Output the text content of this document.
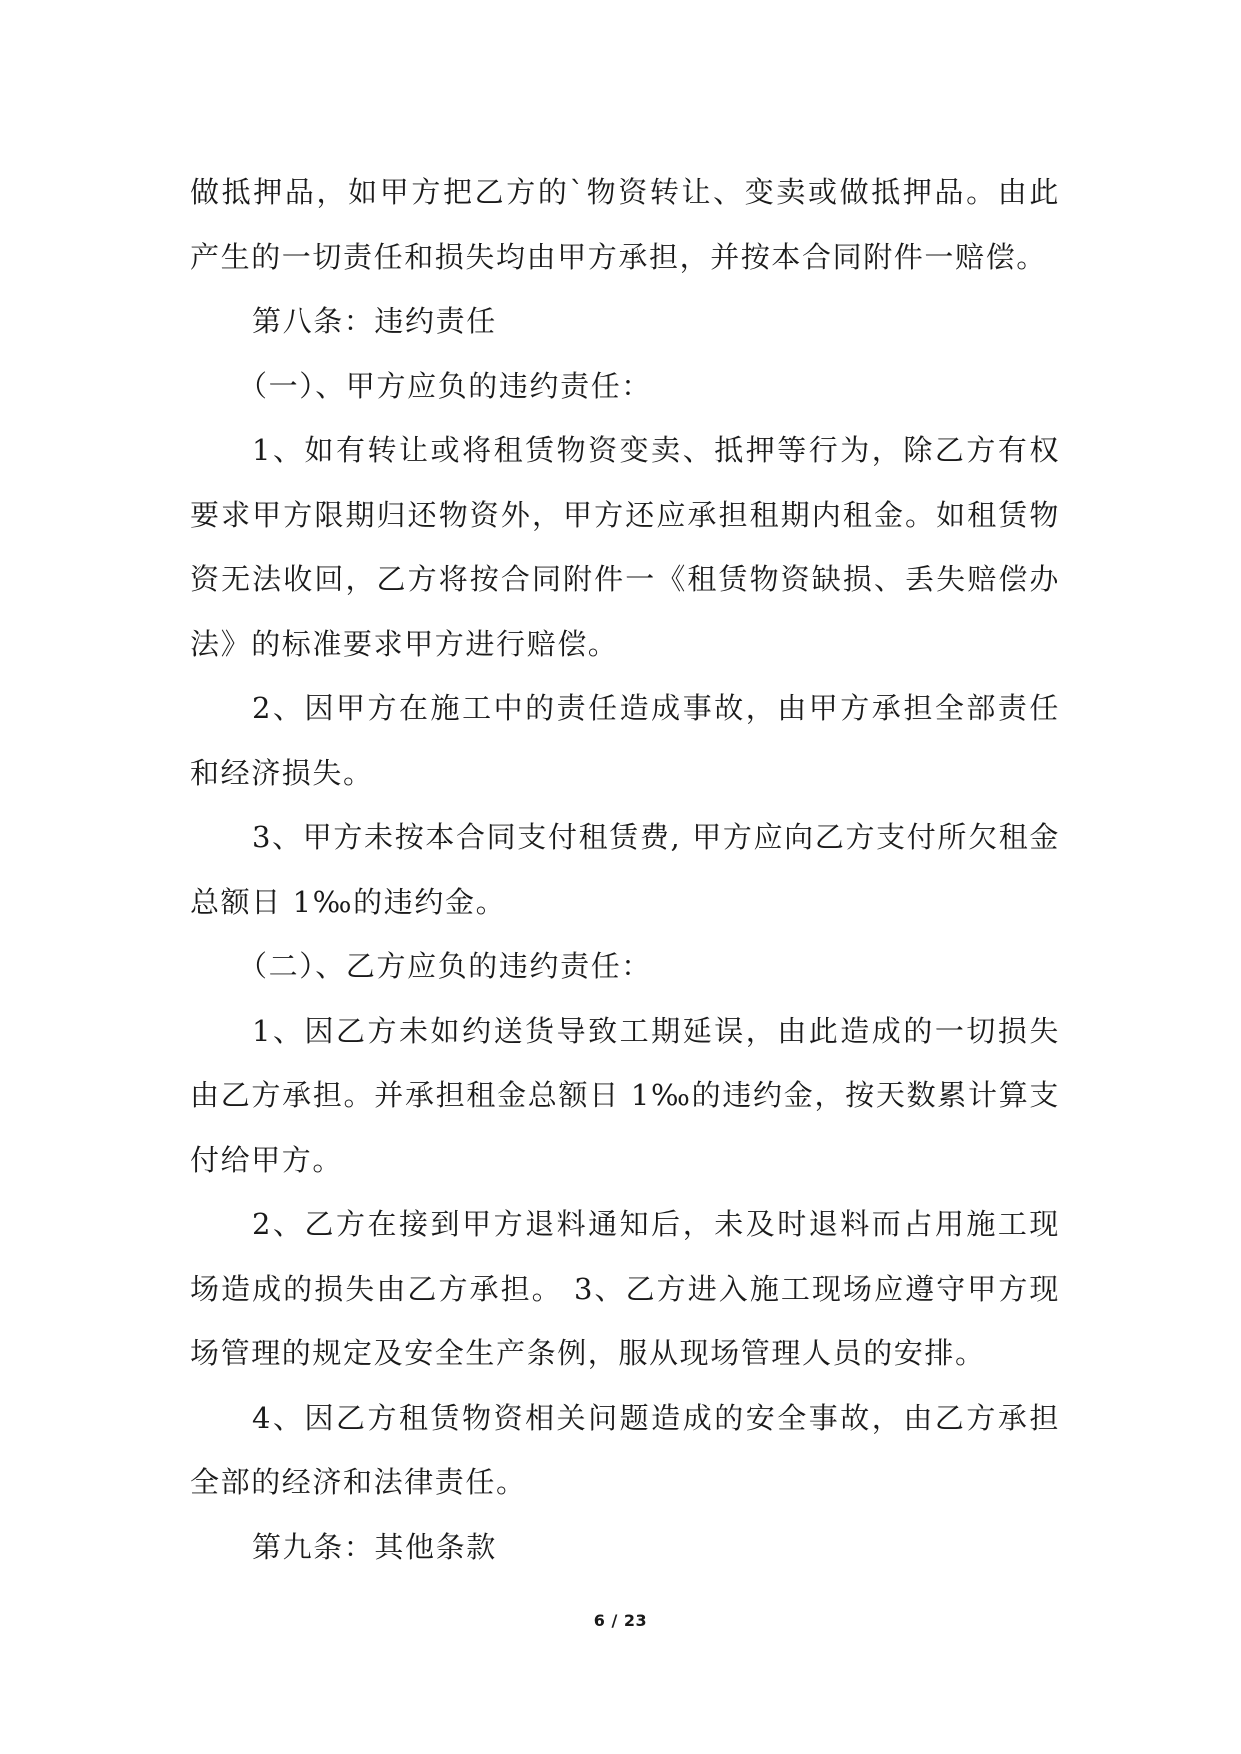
做抵押品，如甲方把乙方的`物资转让、变卖或做抵押品。由此产生的一切责任和损失均由甲方承担，并按本合同附件一赔偿。

第八条：违约责任

（一）、甲方应负的违约责任：

1、如有转让或将租赁物资变卖、抵押等行为，除乙方有权要求甲方限期归还物资外，甲方还应承担租期内租金。如租赁物资无法收回，乙方将按合同附件一《租赁物资缺损、丢失赔偿办法》的标准要求甲方进行赔偿。

2、因甲方在施工中的责任造成事故，由甲方承担全部责任和经济损失。

3、甲方未按本合同支付租赁费, 甲方应向乙方支付所欠租金总额日 1‰的违约金。

（二）、乙方应负的违约责任：

1、因乙方未如约送货导致工期延误，由此造成的一切损失由乙方承担。并承担租金总额日 1‰的违约金，按天数累计算支付给甲方。

2、乙方在接到甲方退料通知后，未及时退料而占用施工现场造成的损失由乙方承担。 3、乙方进入施工现场应遵守甲方现场管理的规定及安全生产条例，服从现场管理人员的安排。

4、因乙方租赁物资相关问题造成的安全事故，由乙方承担全部的经济和法律责任。

第九条：其他条款

6 / 23
